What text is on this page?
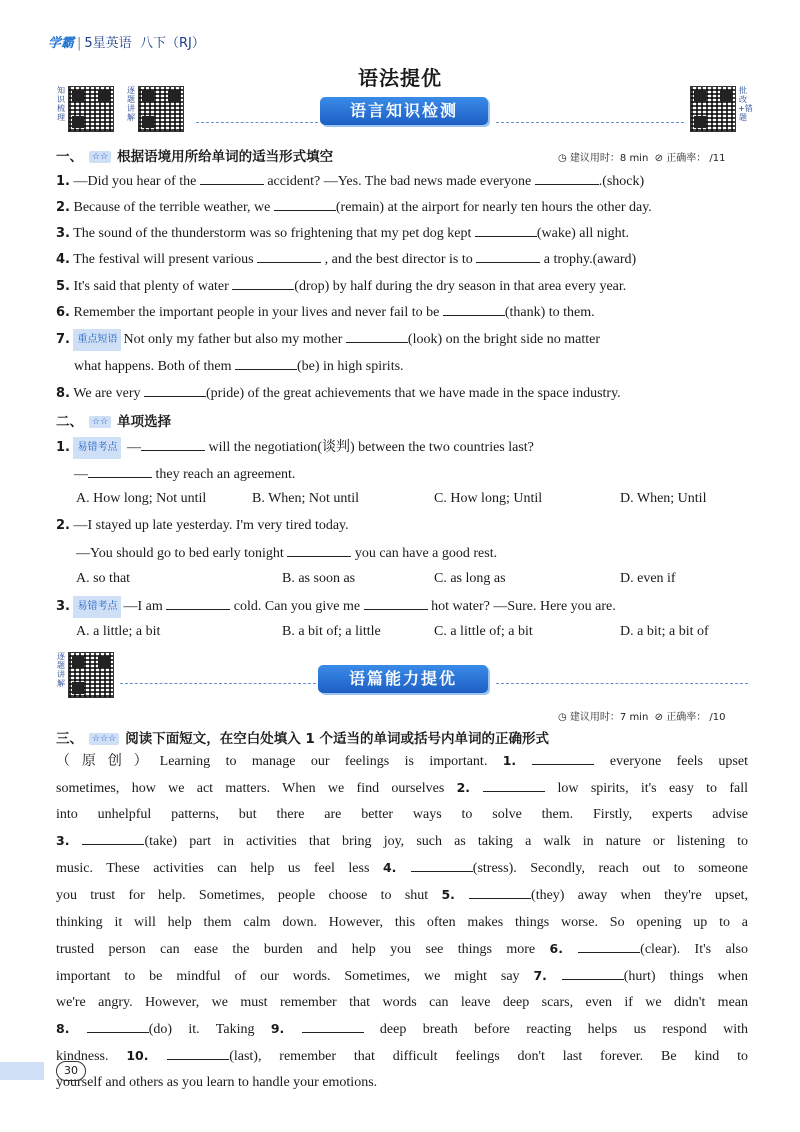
学霸 | 5星英语 八下（RJ）
语法提优
知识梳理
逐题讲解
批改+错题
语言知识检测
一、 ☆☆ 根据语境用所给单词的适当形式填空	◷ 建议用时：8 min ⊘ 正确率： /11
1. —Did you hear of the	accident? —Yes. The bad news made everyone	.(shock)
2. Because of the terrible weather, we	(remain) at the airport for nearly ten hours the other day.
3. The sound of the thunderstorm was so frightening that my pet dog kept	(wake) all night.
4. The festival will present various	, and the best director is to	a trophy.(award)
5. It's said that plenty of water	(drop) by half during the dry season in that area every year.
6. Remember the important people in your lives and never fail to be	(thank) to them.
7. 重点短语 Not only my father but also my mother	(look) on the bright side no matter
what happens. Both of them	(be) in high spirits.
8. We are very	(pride) of the great achievements that we have made in the space industry.
二、 ☆☆ 单项选择
1. 易错考点 —	will the negotiation(谈判) between the two countries last?
—	they reach an agreement.
A. How long; Not until	B. When; Not until	C. How long; Until	D. When; Until
2. —I stayed up late yesterday. I'm very tired today.
—You should go to bed early tonight	you can have a good rest.
A. so that	B. as soon as	C. as long as	D. even if
3. 易错考点 —I am	cold. Can you give me	hot water? —Sure. Here you are.
A. a little; a bit	B. a bit of; a little	C. a little of; a bit	D. a bit; a bit of
逐题讲解	语篇能力提优
◷ 建议用时：7 min ⊘ 正确率： /10
三、 ☆☆☆ 阅读下面短文，在空白处填入 1 个适当的单词或括号内单词的正确形式
（原创）Learning to manage our feelings is important. 1.	everyone feels upset
sometimes, how we act matters. When we find ourselves 2.	low spirits, it's easy to fall
into unhelpful patterns, but there are better ways to solve them. Firstly, experts advise
3.	(take) part in activities that bring joy, such as taking a walk in nature or listening to
music. These activities can help us feel less 4.	(stress). Secondly, reach out to someone
you trust for help. Sometimes, people choose to shut 5.	(they) away when they're upset,
thinking it will help them calm down. However, this often makes things worse. So opening up to a
trusted person can ease the burden and help you see things more 6.	(clear). It's also
important to be mindful of our words. Sometimes, we might say 7.	(hurt) things when
we're angry. However, we must remember that words can leave deep scars, even if we didn't mean
8.	(do) it. Taking 9.	deep breath before reacting helps us respond with
kindness. 10.	(last), remember that difficult feelings don't last forever. Be kind to
yourself and others as you learn to handle your emotions.
30
